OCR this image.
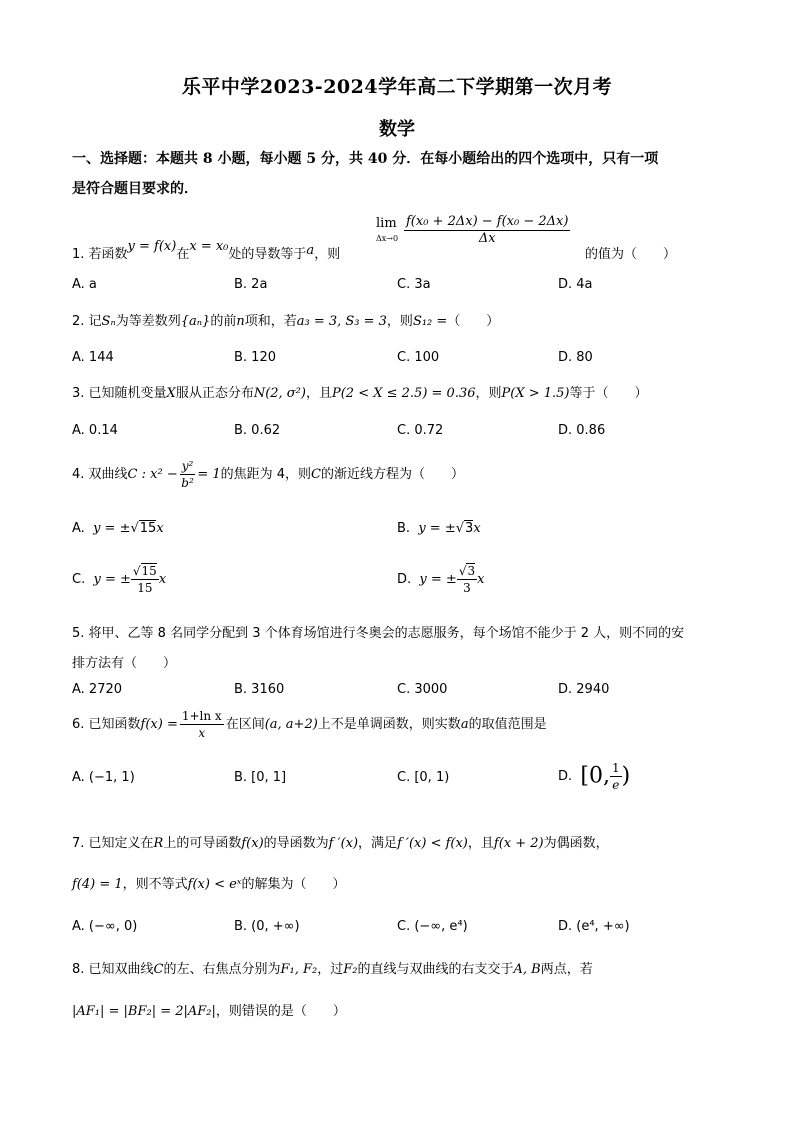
乐平中学2023-2024学年高二下学期第一次月考
数学
一、选择题：本题共 8 小题，每小题 5 分，共 40 分．在每小题给出的四个选项中，只有一项
是符合题目要求的．
lim
$\Delta x\to 0 \frac{\text{f(x₀ + 2Δx) − f(x₀ − 2Δx)}}{\Delta x}$
1. 若函数y = f(x)在x = x₀处的导数等于a，则	的值为（　　）
A. a	B. 2a	C. 3a	D. 4a
2. 记Sₙ为等差数列{aₙ}的前n项和，若a₃ = 3, S₃ = 3，则S₁₂ =（　　）
A. 144	B. 120	C. 100	D. 80
3. 已知随机变量X服从正态分布N(2, σ²)，且P(2 < X ≤ 2.5) = 0.36，则P(X > 1.5)等于（　　）
A. 0.14	B. 0.62	C. 0.72	D. 0.86
4. 双曲线C : $x^2 - \frac{\text{y²}}{\text{b²}} = 1$的焦距为 4，则C的渐近线方程为（　　）
A. y = ±√15x	B. y = ±√3x
C. y = ± $\frac{√15}{15}$ x	D. y = ± $\frac{√3}{3}$ x
5. 将甲、乙等 8 名同学分配到 3 个体育场馆进行冬奥会的志愿服务，每个场馆不能少于 2 人，则不同的安
排方法有（　　）
A. 2720	B. 3160	C. 3000	D. 2940
6. 已知函数$f(x) = \frac{\text{1+ln x}}{x}$ 在区间(a, a+2)上不是单调函数，则实数a的取值范围是
A. (−1, 1)	B. [0, 1]	C. [0, 1)	D. [0, $\frac{1}{e}$ )
7. 已知定义在R上的可导函数f(x)的导函数为f ′(x)，满足f ′(x) < f(x)，且f(x + 2)为偶函数，
f(4) = 1，则不等式f(x) < eˣ的解集为（　　）
A. (−∞, 0)	B. (0, +∞)	C. (−∞, e⁴)	D. (e⁴, +∞)
8. 已知双曲线C的左、右焦点分别为F₁, F₂，过F₂的直线与双曲线的右支交于A, B两点，若
|AF₁| = |BF₂| = 2|AF₂|，则错误的是（　　）
